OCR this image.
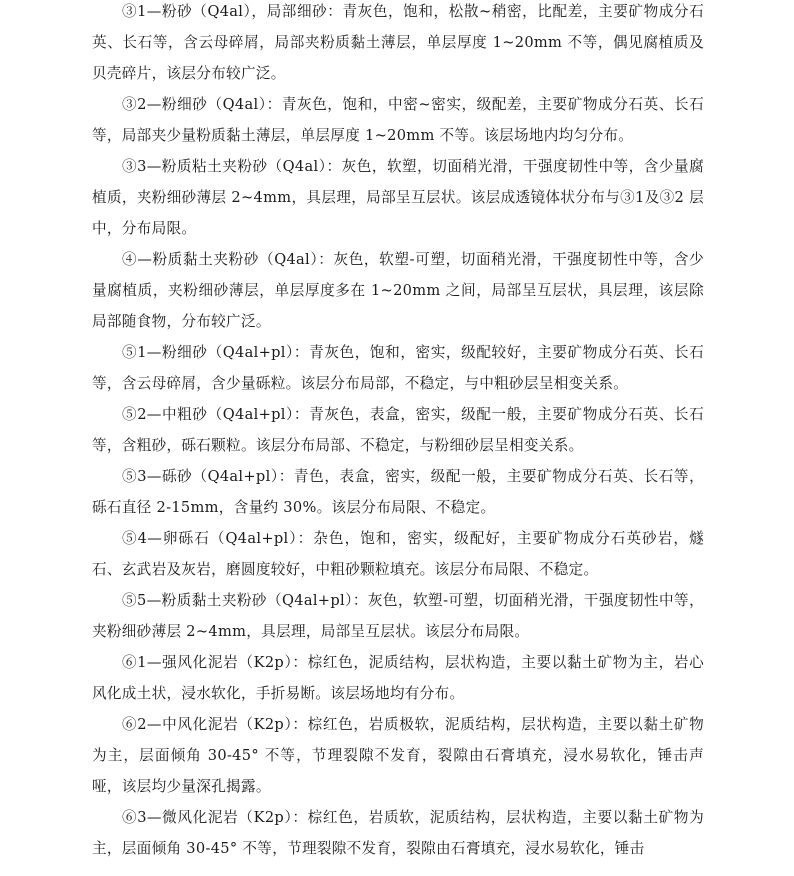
③1—粉砂（Q4al），局部细砂：青灰色，饱和，松散~稍密，比配差，主要矿物成分石英、长石等，含云母碎屑，局部夹粉质黏土薄层，单层厚度 1~20mm 不等，偶见腐植质及贝壳碎片，该层分布较广泛。

③2—粉细砂（Q4al）：青灰色，饱和，中密~密实，级配差，主要矿物成分石英、长石等，局部夹少量粉质黏土薄层，单层厚度 1~20mm 不等。该层场地内均匀分布。

③3—粉质粘土夹粉砂（Q4al）：灰色，软塑，切面稍光滑，干强度韧性中等，含少量腐植质，夹粉细砂薄层 2~4mm，具层理，局部呈互层状。该层成透镜体状分布与③1及③2 层中，分布局限。

④—粉质黏土夹粉砂（Q4al）：灰色，软塑-可塑，切面稍光滑，干强度韧性中等，含少量腐植质，夹粉细砂薄层，单层厚度多在 1~20mm 之间，局部呈互层状，具层理，该层除局部随食物，分布较广泛。

⑤1—粉细砂（Q4al+pl）：青灰色，饱和，密实，级配较好，主要矿物成分石英、长石等，含云母碎屑，含少量砾粒。该层分布局部，不稳定，与中粗砂层呈相变关系。

⑤2—中粗砂（Q4al+pl）：青灰色，表盒，密实，级配一般，主要矿物成分石英、长石等，含粗砂，砾石颗粒。该层分布局部、不稳定，与粉细砂层呈相变关系。

⑤3—砾砂（Q4al+pl）：青色，表盒，密实，级配一般，主要矿物成分石英、长石等，砾石直径 2-15mm，含量约 30%。该层分布局限、不稳定。

⑤4—卵砾石（Q4al+pl）：杂色，饱和，密实，级配好，主要矿物成分石英砂岩，燧石、玄武岩及灰岩，磨圆度较好，中粗砂颗粒填充。该层分布局限、不稳定。

⑤5—粉质黏土夹粉砂（Q4al+pl）：灰色，软塑-可塑，切面稍光滑，干强度韧性中等，夹粉细砂薄层 2~4mm，具层理，局部呈互层状。该层分布局限。

⑥1—强风化泥岩（K2p）：棕红色，泥质结构，层状构造，主要以黏土矿物为主，岩心风化成土状，浸水软化，手折易断。该层场地均有分布。

⑥2—中风化泥岩（K2p）：棕红色，岩质极软，泥质结构，层状构造，主要以黏土矿物为主，层面倾角 30-45° 不等，节理裂隙不发育，裂隙由石膏填充，浸水易软化，锤击声哑，该层均少量深孔揭露。

⑥3—微风化泥岩（K2p）：棕红色，岩质软，泥质结构，层状构造，主要以黏土矿物为主，层面倾角 30-45° 不等，节理裂隙不发育，裂隙由石膏填充，浸水易软化，锤击
